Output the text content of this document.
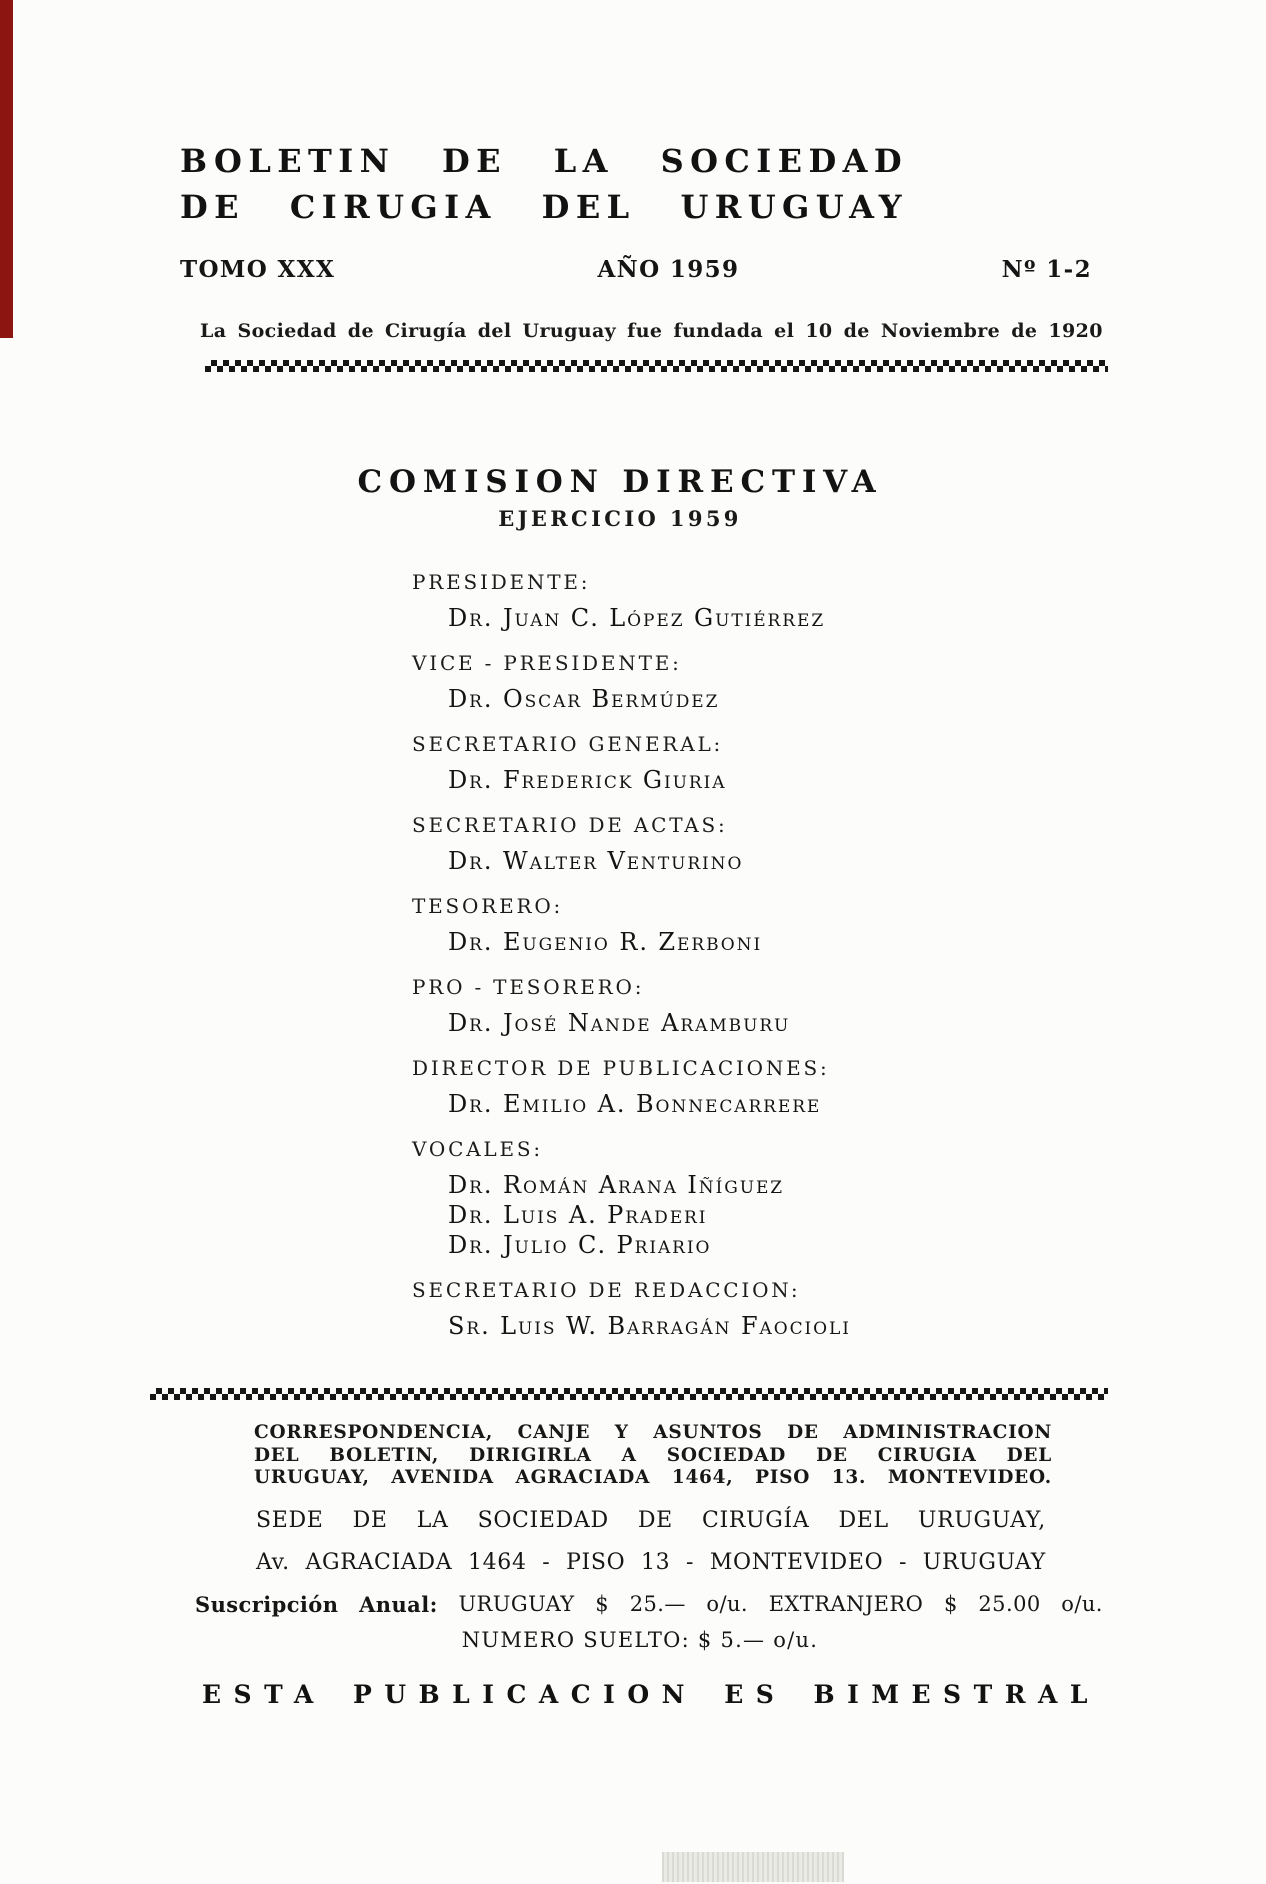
BOLETIN DE LA SOCIEDAD
DE CIRUGIA DEL URUGUAY
TOMO XXX	AÑO 1959	Nº 1-2
La Sociedad de Cirugía del Uruguay fue fundada el 10 de Noviembre de 1920
COMISION DIRECTIVA
EJERCICIO 1959
PRESIDENTE:
Dr. Juan C. López Gutiérrez
VICE - PRESIDENTE:
Dr. Oscar Bermúdez
SECRETARIO GENERAL:
Dr. Frederick Giuria
SECRETARIO DE ACTAS:
Dr. Walter Venturino
TESORERO:
Dr. Eugenio R. Zerboni
PRO - TESORERO:
Dr. José Nande Aramburu
DIRECTOR DE PUBLICACIONES:
Dr. Emilio A. Bonnecarrere
VOCALES:
Dr. Román Arana Iñíguez
Dr. Luis A. Praderi
Dr. Julio C. Priario
SECRETARIO DE REDACCION:
Sr. Luis W. Barragán Faocioli
CORRESPONDENCIA, CANJE Y ASUNTOS DE ADMINISTRACION
DEL BOLETIN, DIRIGIRLA A SOCIEDAD DE CIRUGIA DEL
URUGUAY, AVENIDA AGRACIADA 1464, PISO 13. MONTEVIDEO.
SEDE DE LA SOCIEDAD DE CIRUGÍA DEL URUGUAY,
Av. AGRACIADA 1464 - PISO 13 - MONTEVIDEO - URUGUAY
Suscripción Anual: URUGUAY $ 25.— o/u. EXTRANJERO $ 25.00 o/u.
NUMERO SUELTO: $ 5.— o/u.
ESTA PUBLICACION ES BIMESTRAL
